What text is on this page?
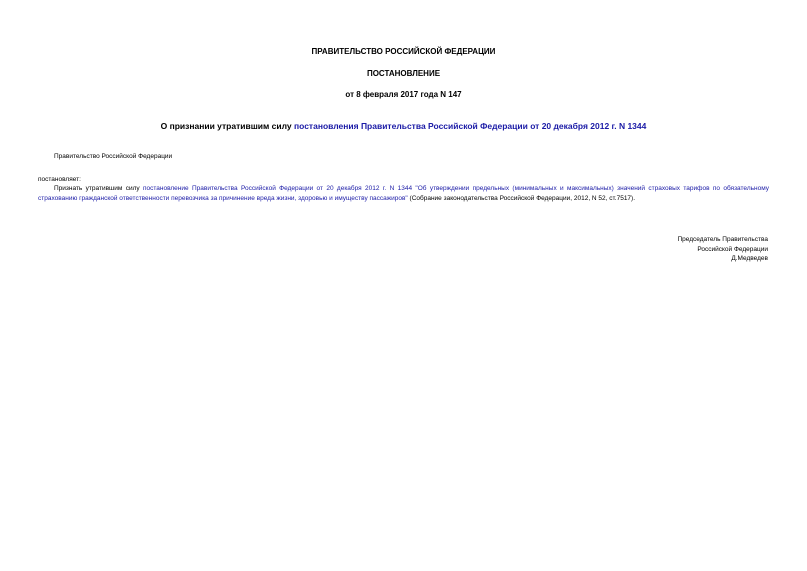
ПРАВИТЕЛЬСТВО РОССИЙСКОЙ ФЕДЕРАЦИИ
ПОСТАНОВЛЕНИЕ
от 8 февраля 2017 года N 147
О признании утратившим силу постановления Правительства Российской Федерации от 20 декабря 2012 г. N 1344
Правительство Российской Федерации
постановляет:
Признать утратившим силу постановление Правительства Российской Федерации от 20 декабря 2012 г. N 1344 "Об утверждении предельных (минимальных и максимальных) значений страховых тарифов по обязательному страхованию гражданской ответственности перевозчика за причинение вреда жизни, здоровью и имуществу пассажиров" (Собрание законодательства Российской Федерации, 2012, N 52, ст.7517).
Председатель Правительства
Российской Федерации
Д.Медведев
